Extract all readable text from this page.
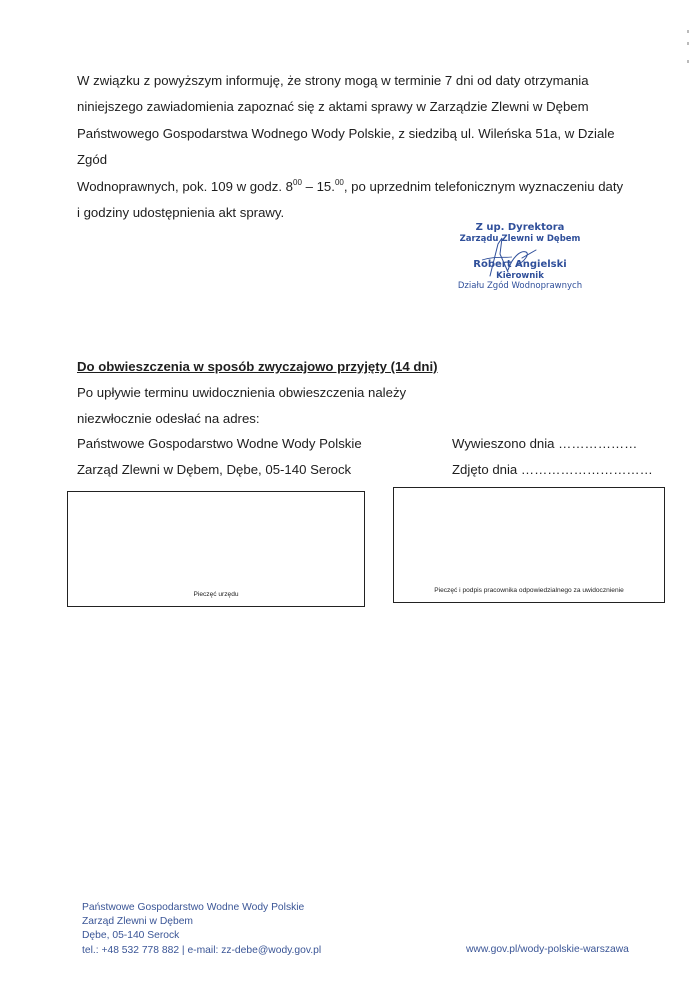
W związku z powyższym informuję, że strony mogą w terminie 7 dni od daty otrzymania
niniejszego zawiadomienia zapoznać się z aktami sprawy w Zarządzie Zlewni w Dębem
Państwowego Gospodarstwa Wodnego Wody Polskie, z siedzibą ul. Wileńska 51a, w Dziale Zgód
Wodnoprawnych, pok. 109 w godz. $8^{00} - 15.00$, po uprzednim telefonicznym wyznaczeniu daty
i godziny udostępnienia akt sprawy.
Z up. Dyrektora
Zarządu Zlewni w Dębem
Robert Angielski
Kierownik
Działu Zgód Wodnoprawnych
Do obwieszczenia w sposób zwyczajowo przyjęty (14 dni)
Po upływie terminu uwidocznienia obwieszczenia należy
niezwłocznie odesłać na adres:
Państwowe Gospodarstwo Wodne Wody Polskie
Zarząd Zlewni w Dębem, Dębe, 05-140 Serock
Wywieszono dnia ………………
Zdjęto dnia …………………………
Pieczęć urzędu
Pieczęć i podpis pracownika odpowiedzialnego za uwidocznienie
Państwowe Gospodarstwo Wodne Wody Polskie
Zarząd Zlewni w Dębem
Dębe, 05-140 Serock
tel.: +48 532 778 882 | e-mail: zz-debe@wody.gov.pl	www.gov.pl/wody-polskie-warszawa
